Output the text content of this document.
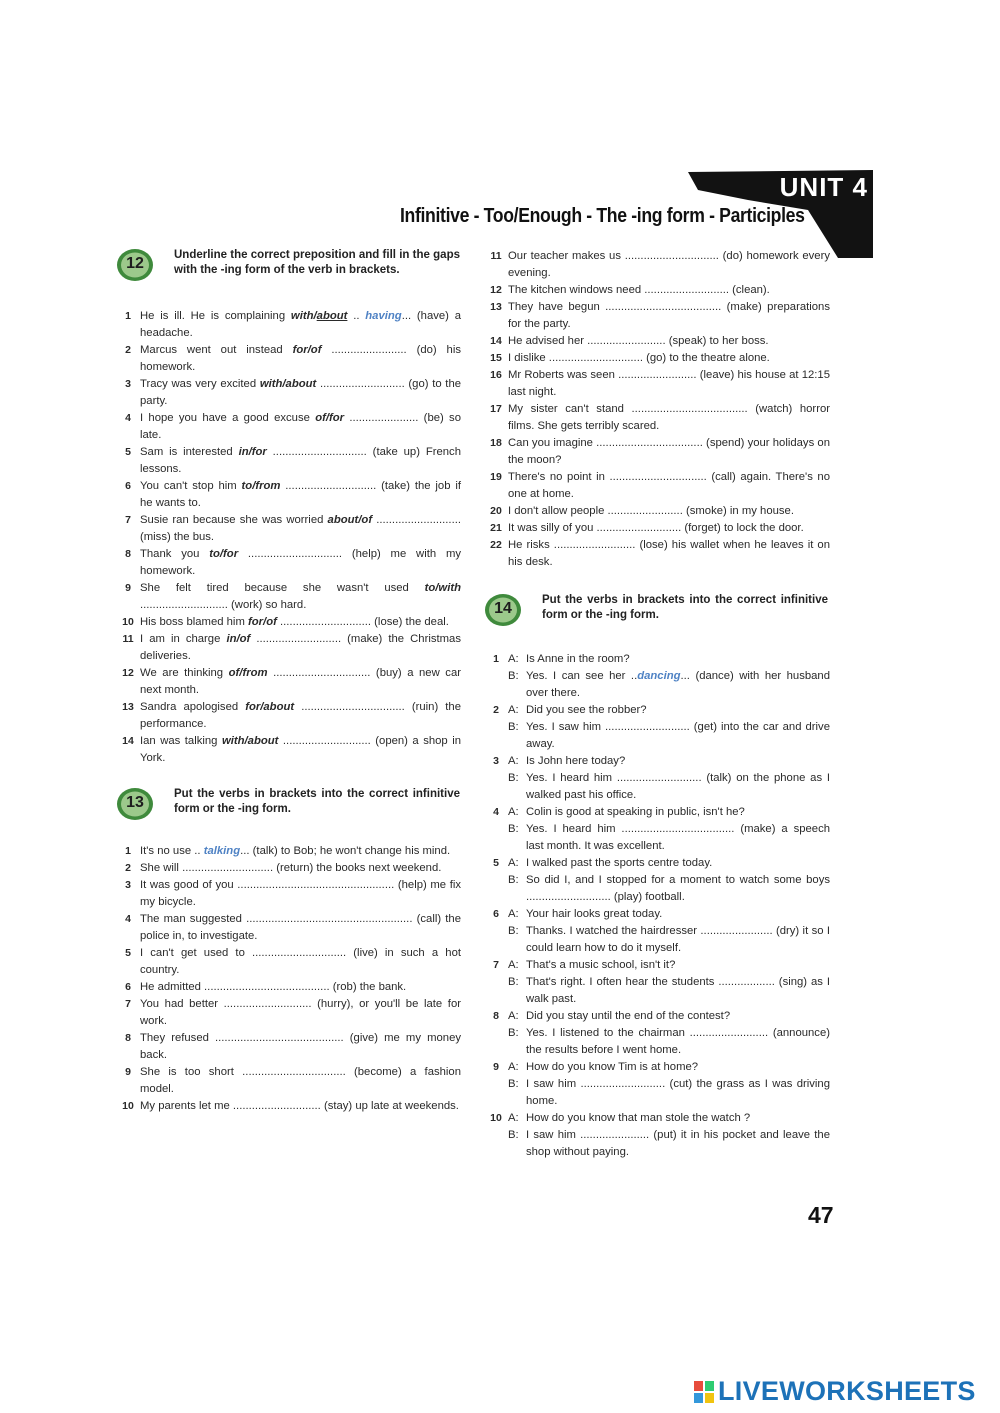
UNIT 4
Infinitive - Too/Enough - The -ing form - Participles
12	Underline the correct preposition and fill in the gaps with the -ing form of the verb in brackets.
1 He is ill. He is complaining with/about .. having... (have) a headache.
2 Marcus went out instead for/of ........................ (do) his homework.
3 Tracy was very excited with/about ........................... (go) to the party.
4 I hope you have a good excuse of/for ...................... (be) so late.
5 Sam is interested in/for .............................. (take up) French lessons.
6 You can't stop him to/from ............................. (take) the job if he wants to.
7 Susie ran because she was worried about/of ........................... (miss) the bus.
8 Thank you to/for .............................. (help) me with my homework.
9 She felt tired because she wasn't used to/with ............................ (work) so hard.
10 His boss blamed him for/of ............................. (lose) the deal.
11 I am in charge in/of ........................... (make) the Christmas deliveries.
12 We are thinking of/from ............................... (buy) a new car next month.
13 Sandra apologised for/about ................................. (ruin) the performance.
14 Ian was talking with/about ............................ (open) a shop in York.
13	Put the verbs in brackets into the correct infinitive form or the -ing form.
1 It's no use .. talking... (talk) to Bob; he won't change his mind.
2 She will ............................. (return) the books next weekend.
3 It was good of you .................................................. (help) me fix my bicycle.
4 The man suggested ..................................................... (call) the police in, to investigate.
5 I can't get used to .............................. (live) in such a hot country.
6 He admitted ........................................ (rob) the bank.
7 You had better ............................ (hurry), or you'll be late for work.
8 They refused ......................................... (give) me my money back.
9 She is too short ................................. (become) a fashion model.
10 My parents let me ............................ (stay) up late at weekends.
11 Our teacher makes us .............................. (do) homework every evening.
12 The kitchen windows need ........................... (clean).
13 They have begun ..................................... (make) preparations for the party.
14 He advised her ......................... (speak) to her boss.
15 I dislike .............................. (go) to the theatre alone.
16 Mr Roberts was seen ......................... (leave) his house at 12:15 last night.
17 My sister can't stand ..................................... (watch) horror films. She gets terribly scared.
18 Can you imagine .................................. (spend) your holidays on the moon?
19 There's no point in ............................... (call) again. There's no one at home.
20 I don't allow people ........................ (smoke) in my house.
21 It was silly of you ........................... (forget) to lock the door.
22 He risks .......................... (lose) his wallet when he leaves it on his desk.
14	Put the verbs in brackets into the correct infinitive form or the -ing form.
1 A: Is Anne in the room?
B: Yes. I can see her ..dancing... (dance) with her husband over there.
2 A: Did you see the robber?
B: Yes. I saw him ........................... (get) into the car and drive away.
3 A: Is John here today?
B: Yes. I heard him ........................... (talk) on the phone as I walked past his office.
4 A: Colin is good at speaking in public, isn't he?
B: Yes. I heard him .................................... (make) a speech last month. It was excellent.
5 A: I walked past the sports centre today.
B: So did I, and I stopped for a moment to watch some boys ........................... (play) football.
6 A: Your hair looks great today.
B: Thanks. I watched the hairdresser ....................... (dry) it so I could learn how to do it myself.
7 A: That's a music school, isn't it?
B: That's right. I often hear the students .................. (sing) as I walk past.
8 A: Did you stay until the end of the contest?
B: Yes. I listened to the chairman ......................... (announce) the results before I went home.
9 A: How do you know Tim is at home?
B: I saw him ........................... (cut) the grass as I was driving home.
10 A: How do you know that man stole the watch ?
B: I saw him ...................... (put) it in his pocket and leave the shop without paying.
47
LIVEWORKSHEETS
